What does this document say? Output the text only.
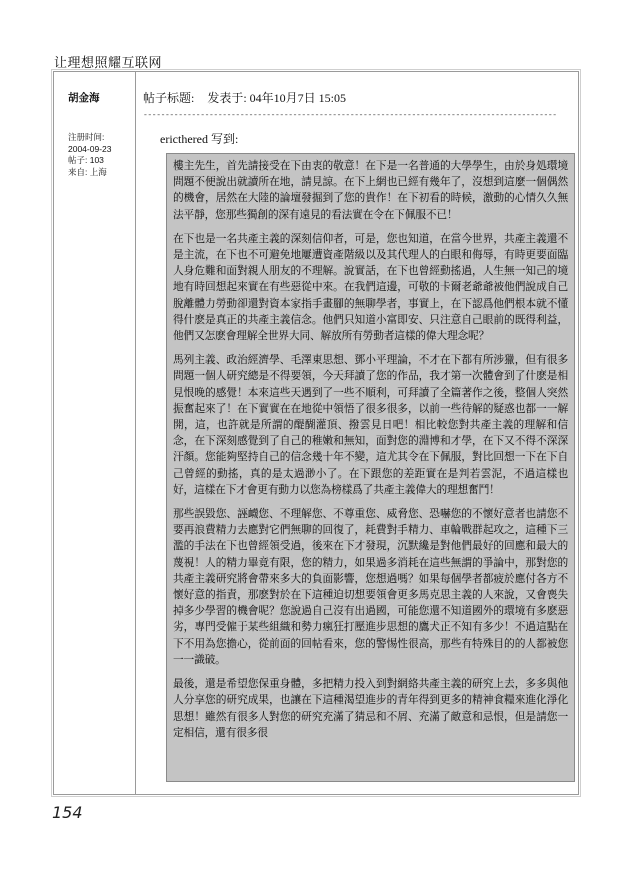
让理想照耀互联网
胡金海
注册时间:
2004-09-23
帖子: 103
来自: 上海
帖子标题: 发表于: 04年10月7日 15:05
----------------------------------------------------------------------------------------------
ericthered 写到:

樓主先生，首先請接受在下由衷的敬意！在下是一名普通的大學學生，由於身処環境問題不便說出就讀所在地，請見諒。在下上網也已經有幾年了，沒想到這麼一個偶然的機會，居然在大陸的論壇發掘到了您的貴作！在下初看的時候，激動的心情久久無法平靜，您那些獨創的深有遠見的看法實在令在下佩服不已！

在下也是一名共產主義的深刻信仰者，可是，您也知道，在當今世界，共產主義還不是主流，在下也不可避免地屢遭資產階級以及其代理人的白眼和侮辱，有時更要面臨人身危難和面對親人朋友的不理解。說實話，在下也曾經動搖過，人生無一知己的境地有時回想起來實在有些惡從中來。在我們這邊，可敬的卡爾老爺爺被他們說成自己脫離體力勞動卻還對資本家指手畫腳的無聊學者，事實上，在下認爲他們根本就不懂得什麽是真正的共產主義信念。他們只知道小富即安、只注意自己眼前的既得利益，他們又怎麽會理解全世界大同、解放所有勞動者這樣的偉大理念呢？

馬列主義、政治經濟學、毛澤東思想、鄧小平理論，不才在下都有所涉獵，但有很多問題一個人研究總是不得要領，今天拜讀了您的作品，我才第一次體會到了什麽是相見恨晚的感覺！本來這些天遇到了一些不順利，可拜讀了全篇著作之後，整個人突然振奮起來了！在下實實在在地從中領悟了很多很多，以前一些待解的疑惑也都一一解開，這，也許就是所謂的醍醐灌頂、撥雲見日吧！相比較您對共產主義的理解和信念，在下深刻感覺到了自己的稚嫩和無知，面對您的淵博和才學，在下又不得不深深汗顏。您能夠堅持自己的信念幾十年不變，這尤其令在下佩服，對比回想一下在下自己曾經的動搖，真的是太過渺小了。在下跟您的差距實在是判若雲泥，不過這樣也好，這樣在下才會更有動力以您為榜樣爲了共產主義偉大的理想奮鬥！

那些誤毀您、誣衊您、不理解您、不尊重您、威脅您、恐嚇您的不懷好意者也請您不要再浪費精力去應對它們無聊的回復了，耗費對手精力、車輪戰群起攻之，這種下三濫的手法在下也曾經領受過，後來在下才發現，沉默纔是對他們最好的回應和最大的蔑視！人的精力畢竟有限，您的精力，如果過多消耗在這些無謂的爭論中，那對您的共產主義研究將會帶來多大的負面影響，您想過嗎？如果每個學者都疲於應付各方不懷好意的指責，那麽對於在下這種迫切想要領會更多馬克思主義的人來說，又會喪失掉多少學習的機會呢？您說過自己沒有出過國，可能您還不知道國外的環境有多麽惡劣，專門受僱于某些組織和勢力瘋狂打壓進步思想的鷹犬正不知有多少！不過這點在下不用為您擔心，從前面的回帖看來，您的警惕性很高，那些有特殊目的的人都被您一一識破。

最後，還是希望您保重身體，多把精力投入到對網絡共產主義的研究上去，多多與他人分享您的研究成果，也讓在下這種渴望進步的青年得到更多的精神食糧來進化淨化思想！雖然有很多人對您的研究充滿了猜忌和不屑、充滿了敵意和忌恨，但是請您一定相信，還有很多很

154
